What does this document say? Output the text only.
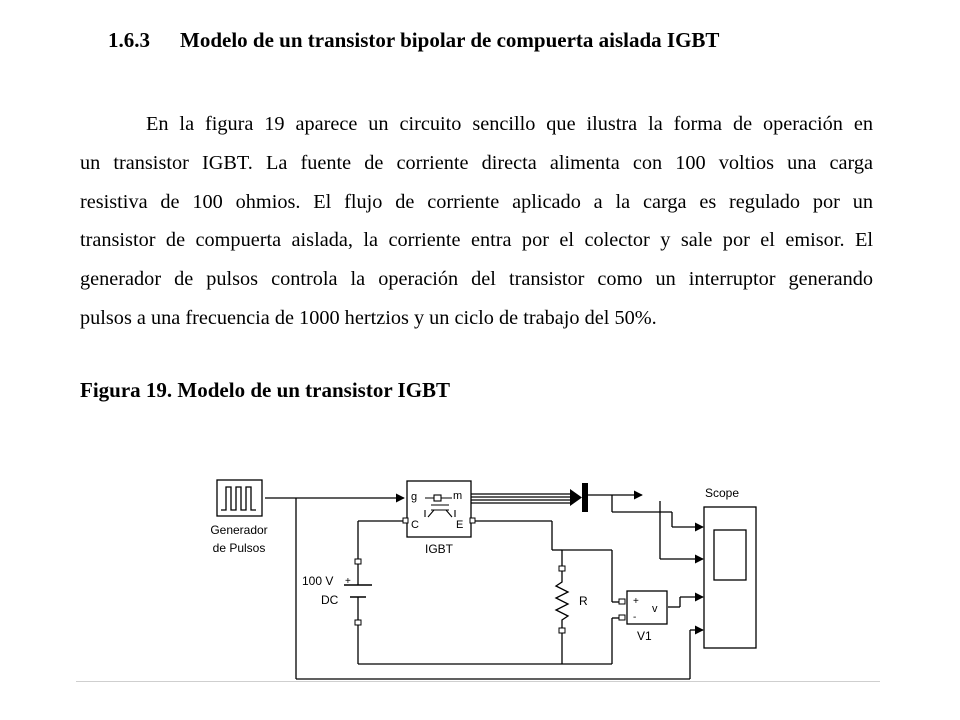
1.6.3 Modelo de un transistor bipolar de compuerta aislada IGBT

En la figura 19 aparece un circuito sencillo que ilustra la forma de operación en
un transistor IGBT. La fuente de corriente directa alimenta con 100 voltios una carga
resistiva de 100 ohmios. El flujo de corriente aplicado a la carga es regulado por un
transistor de compuerta aislada, la corriente entra por el colector y sale por el emisor. El
generador de pulsos controla la operación del transistor como un interruptor generando
pulsos a una frecuencia de 1000 hertzios y un ciclo de trabajo del 50%.

Figura 19. Modelo de un transistor IGBT
Generador
de Pulsos
g	m
C	E
IGBT
100 V +
DC	R	+
-
v
V1
Scope
